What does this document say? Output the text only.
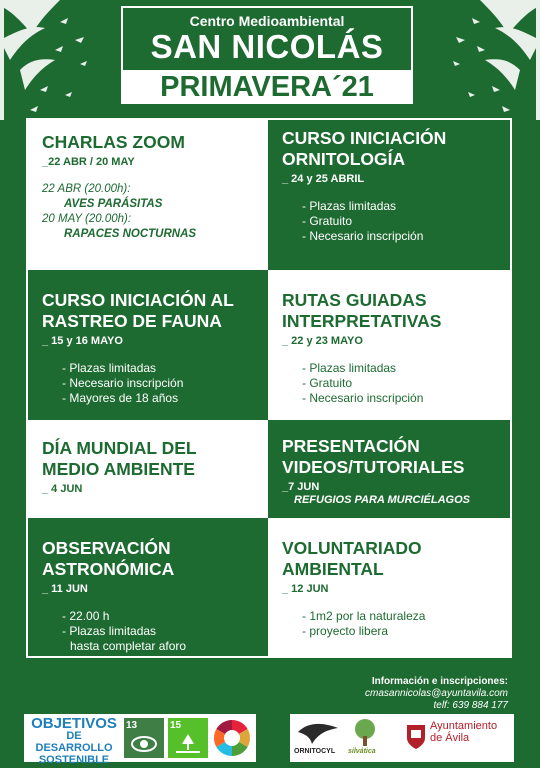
Centro Medioambiental
SAN NICOLÁS
PRIMAVERA´21

CHARLAS ZOOM

_22 ABR / 20 MAY
22 ABR (20.00h):
AVES PARÁSITAS
20 MAY (20.00h):
RAPACES NOCTURNAS

CURSO INICIACIÓN ORNITOLOGÍA

_ 24 y 25 ABRIL
- Plazas limitadas
- Gratuito
- Necesario inscripción

CURSO INICIACIÓN AL RASTREO DE FAUNA

_ 15 y 16 MAYO
- Plazas limitadas
- Necesario inscripción
- Mayores de 18 años

RUTAS GUIADAS INTERPRETATIVAS

_ 22 y 23 MAYO
- Plazas limitadas
- Gratuito
- Necesario inscripción

DÍA MUNDIAL DEL MEDIO AMBIENTE

_ 4 JUN

PRESENTACIÓN VIDEOS/TUTORIALES

_7 JUN
REFUGIOS PARA MURCIÉLAGOS

OBSERVACIÓN ASTRONÓMICA

_ 11 JUN
- 22.00 h
- Plazas limitadas
hasta completar aforo

VOLUNTARIADO AMBIENTAL

_ 12 JUN
- 1m2 por la naturaleza
- proyecto libera
Información e inscripciones:
cmasannicolas@ayuntavila.com
telf: 639 884 177
OBJETIVOS
DE DESARROLLO
SOSTENIBLE
13	15
ORNITOCYL silvática
Ayuntamiento
de Ávila
